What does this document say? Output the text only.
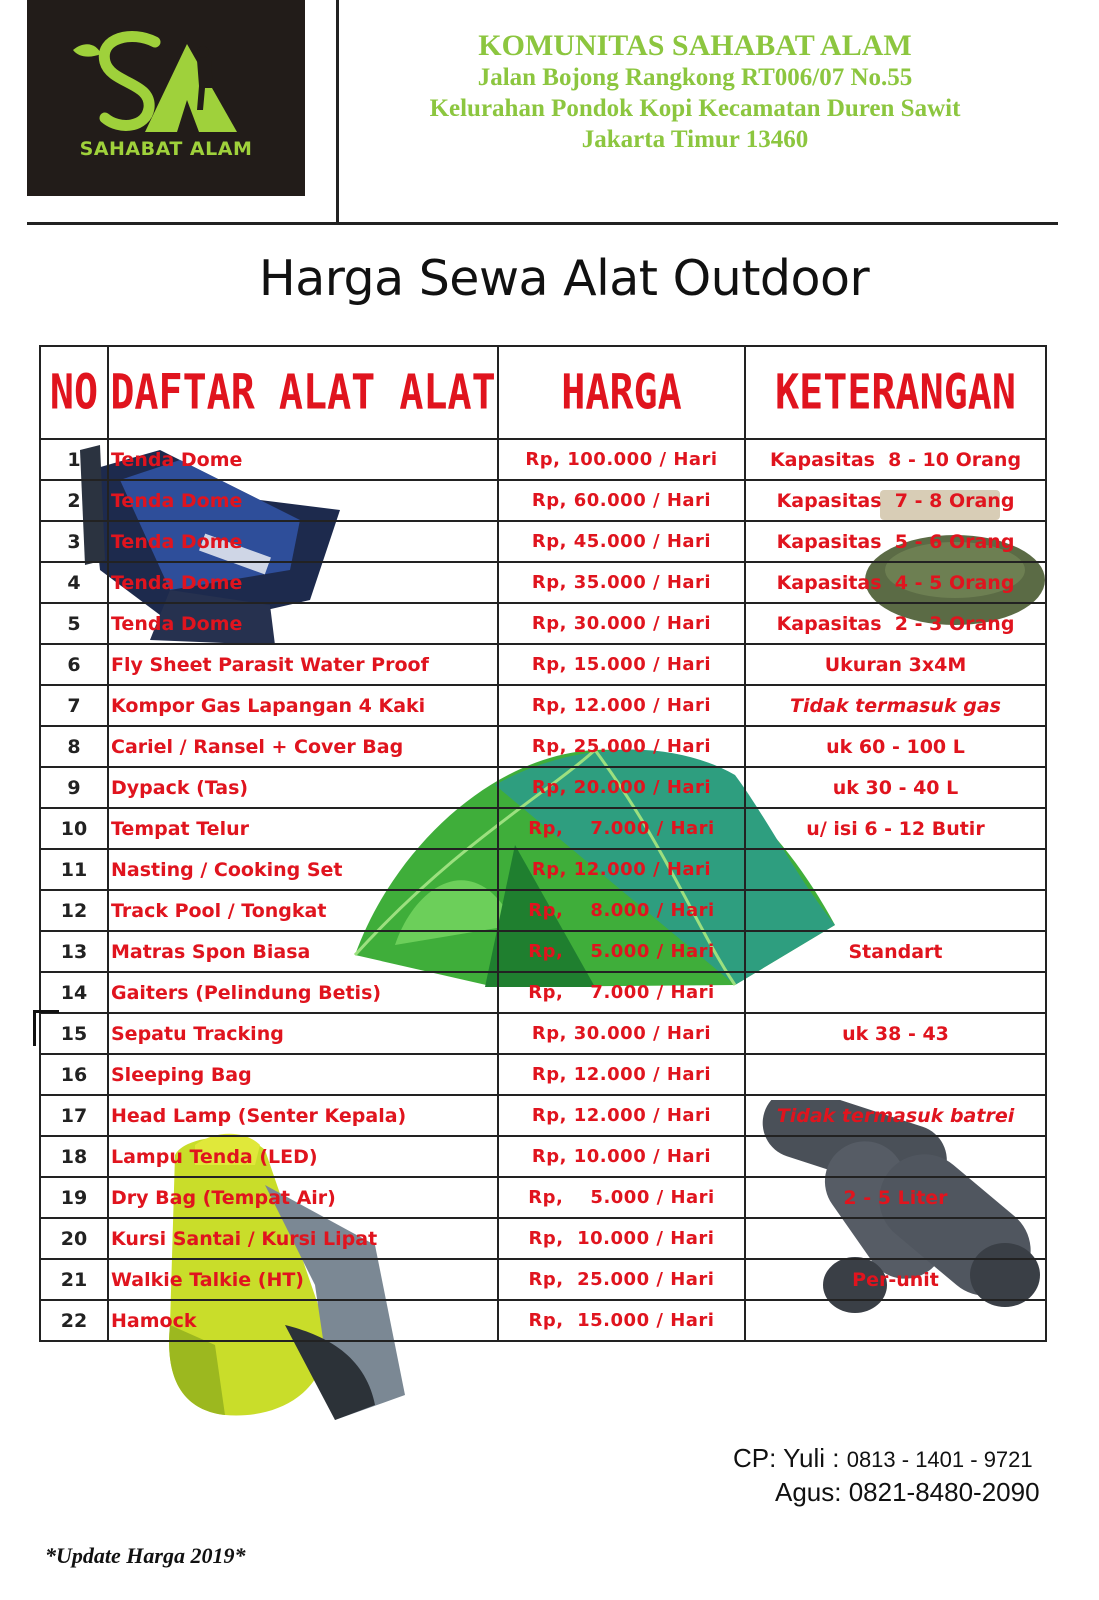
SAHABAT ALAM
KOMUNITAS SAHABAT ALAM
Jalan Bojong Rangkong RT006/07 No.55
Kelurahan Pondok Kopi Kecamatan Duren Sawit
Jakarta Timur 13460
Harga Sewa Alat Outdoor
NO	DAFTAR ALAT ALAT	HARGA	KETERANGAN
1	Tenda Dome	Rp, 100.000 / Hari	Kapasitas  8 - 10 Orang
2	Tenda Dome	Rp, 60.000 / Hari	Kapasitas  7 - 8 Orang
3	Tenda Dome	Rp, 45.000 / Hari	Kapasitas  5 - 6 Orang
4	Tenda Dome	Rp, 35.000 / Hari	Kapasitas  4 - 5 Orang
5	Tenda Dome	Rp, 30.000 / Hari	Kapasitas  2 - 3 Orang
6	Fly Sheet Parasit Water Proof	Rp, 15.000 / Hari	Ukuran 3x4M
7	Kompor Gas Lapangan 4 Kaki	Rp, 12.000 / Hari	Tidak termasuk gas
8	Cariel / Ransel + Cover Bag	Rp, 25.000 / Hari	uk 60 - 100 L
9	Dypack (Tas)	Rp, 20.000 / Hari	uk 30 - 40 L
10	Tempat Telur	Rp,    7.000 / Hari	u/ isi 6 - 12 Butir
11	Nasting / Cooking Set	Rp, 12.000 / Hari	
12	Track Pool / Tongkat	Rp,    8.000 / Hari	
13	Matras Spon Biasa	Rp,    5.000 / Hari	Standart
14	Gaiters (Pelindung Betis)	Rp,    7.000 / Hari	
15	Sepatu Tracking	Rp, 30.000 / Hari	uk 38 - 43
16	Sleeping Bag	Rp, 12.000 / Hari	
17	Head Lamp (Senter Kepala)	Rp, 12.000 / Hari	Tidak termasuk batrei
18	Lampu Tenda (LED)	Rp, 10.000 / Hari	
19	Dry Bag (Tempat Air)	Rp,    5.000 / Hari	2 - 5 Liter
20	Kursi Santai / Kursi Lipat	Rp,  10.000 / Hari	
21	Walkie Talkie (HT)	Rp,  25.000 / Hari	Per-unit
22	Hamock	Rp,  15.000 / Hari	
CP: Yuli : 0813 - 1401 - 9721
Agus: 0821-8480-2090
*Update Harga 2019*
